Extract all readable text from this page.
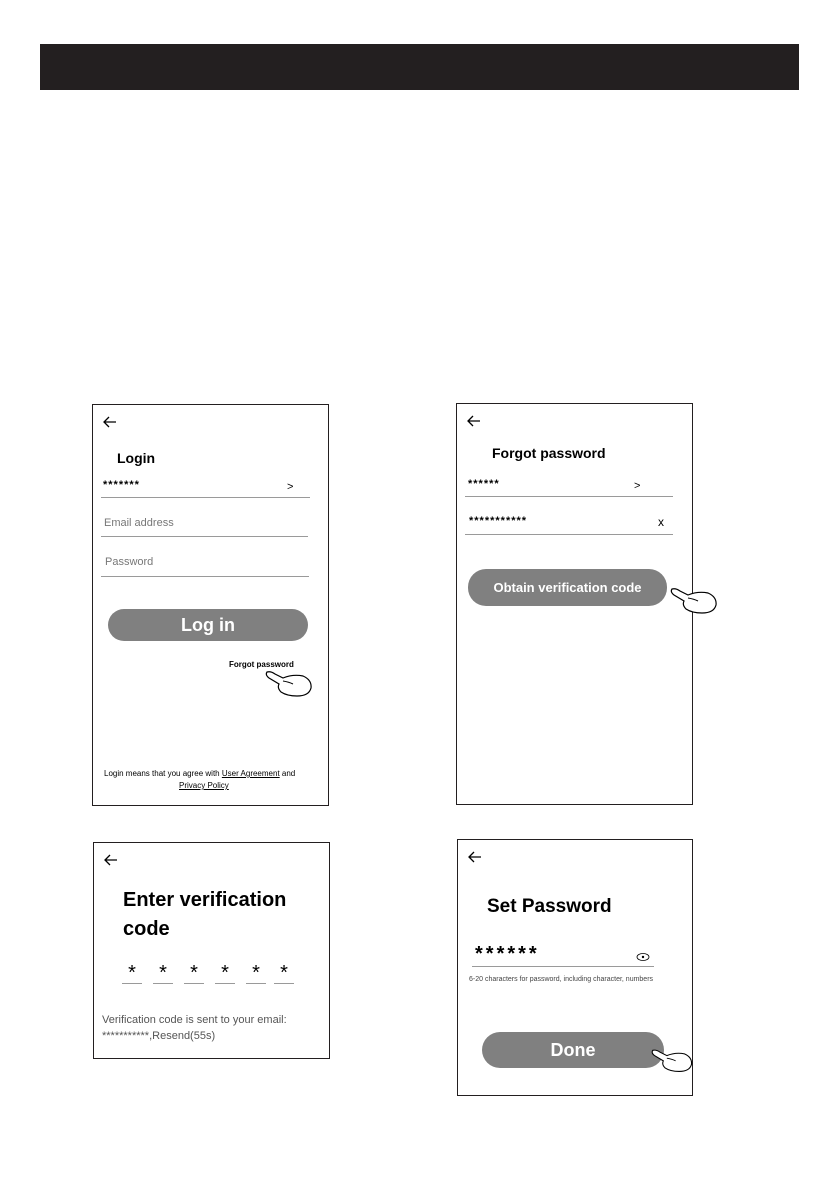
Login
*******	>
Email address
Password
Log in
Forgot password
Login means that you agree with User Agreement and
Privacy Policy
Forgot password
******	>
***********	x
Obtain verification code
Enter verification
code
*	*	*	*	*	*
Verification code is sent to your email:
***********,Resend(55s)
Set Password
******
6-20 characters for password, including character, numbers
Done
